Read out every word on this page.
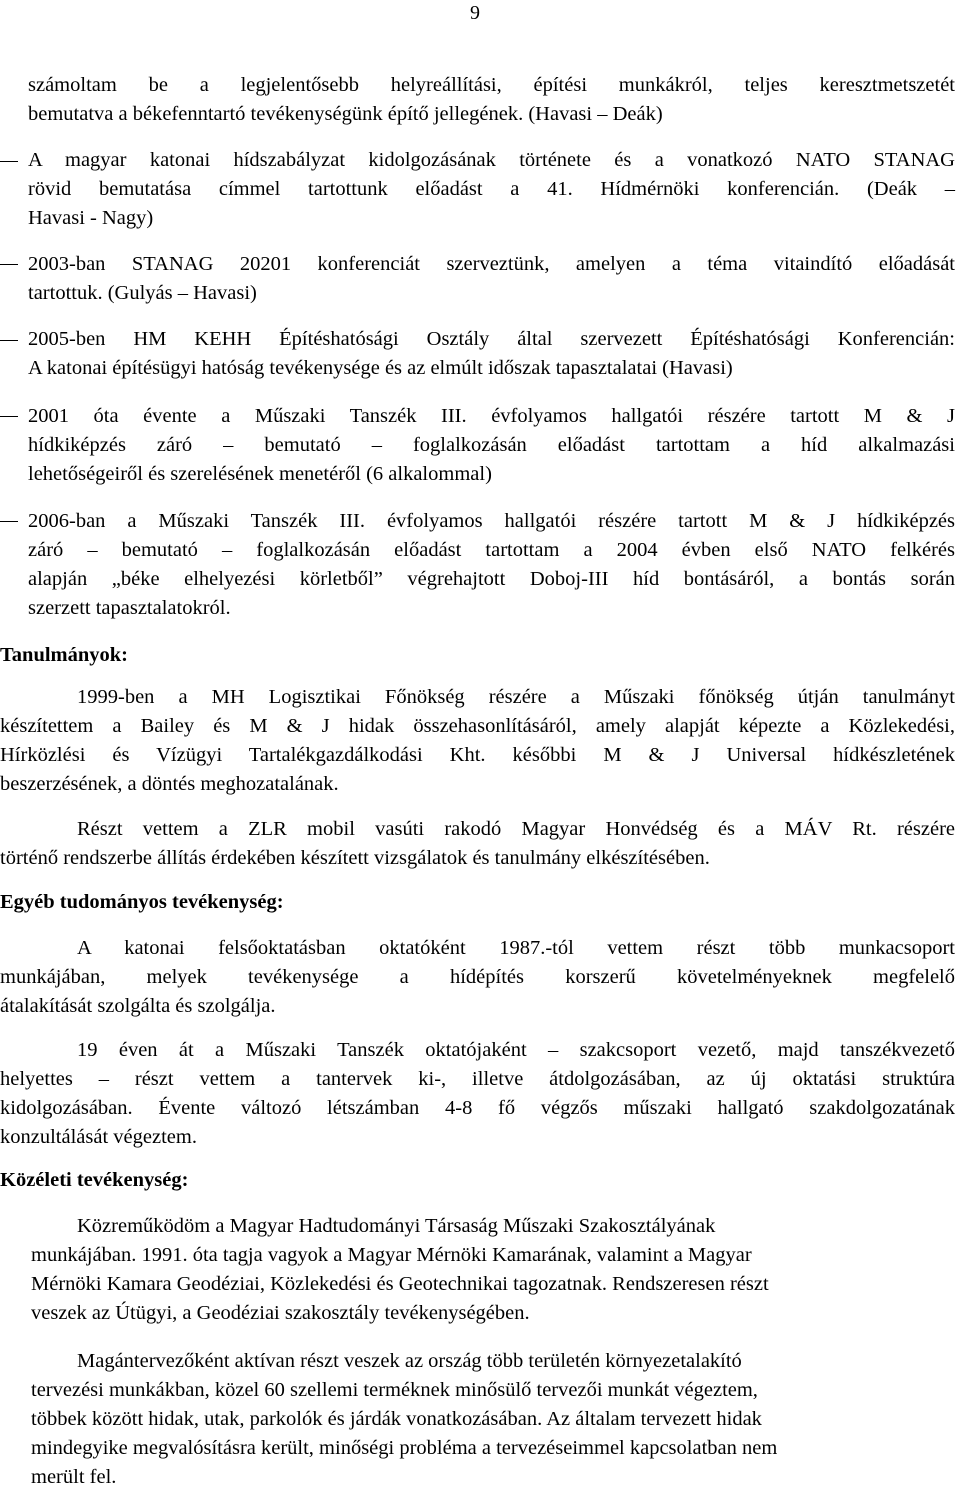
9
számoltam be a legjelentősebb helyreállítási, építési munkákról, teljes keresztmetszetét
bemutatva a békefenntartó tevékenységünk építő jellegének. (Havasi – Deák)
A magyar katonai hídszabályzat kidolgozásának története és a vonatkozó NATO STANAG
rövid bemutatása címmel tartottunk előadást a 41. Hídmérnöki konferencián. (Deák –
Havasi - Nagy)
2003-ban STANAG 20201 konferenciát szerveztünk, amelyen a téma vitaindító előadását
tartottuk. (Gulyás – Havasi)
2005-ben HM KEHH Építéshatósági Osztály által szervezett Építéshatósági Konferencián:
A katonai építésügyi hatóság tevékenysége és az elmúlt időszak tapasztalatai (Havasi)
2001 óta évente a Műszaki Tanszék III. évfolyamos hallgatói részére tartott M & J
hídkiképzés záró – bemutató – foglalkozásán előadást tartottam a híd alkalmazási
lehetőségeiről és szerelésének menetéről (6 alkalommal)
2006-ban a Műszaki Tanszék III. évfolyamos hallgatói részére tartott M & J hídkiképzés
záró – bemutató – foglalkozásán előadást tartottam a 2004 évben első NATO felkérés
alapján „béke elhelyezési körletből” végrehajtott Doboj-III híd bontásáról, a bontás során
szerzett tapasztalatokról.
Tanulmányok:
1999-ben a MH Logisztikai Főnökség részére a Műszaki főnökség útján tanulmányt
készítettem a Bailey és M & J hidak összehasonlításáról, amely alapját képezte a Közlekedési,
Hírközlési és Vízügyi Tartalékgazdálkodási Kht. későbbi M & J Universal hídkészletének
beszerzésének, a döntés meghozatalának.
Részt vettem a ZLR mobil vasúti rakodó Magyar Honvédség és a MÁV Rt. részére
történő rendszerbe állítás érdekében készített vizsgálatok és tanulmány elkészítésében.
Egyéb tudományos tevékenység:
A katonai felsőoktatásban oktatóként 1987.-tól vettem részt több munkacsoport
munkájában, melyek tevékenysége a hídépítés korszerű követelményeknek megfelelő
átalakítását szolgálta és szolgálja.
19 éven át a Műszaki Tanszék oktatójaként – szakcsoport vezető, majd tanszékvezető
helyettes – részt vettem a tantervek ki-, illetve átdolgozásában, az új oktatási struktúra
kidolgozásában. Évente változó létszámban 4-8 fő végzős műszaki hallgató szakdolgozatának
konzultálását végeztem.
Közéleti tevékenység:
Közreműködöm a Magyar Hadtudományi Társaság Műszaki Szakosztályának
munkájában. 1991. óta tagja vagyok a Magyar Mérnöki Kamarának, valamint a Magyar
Mérnöki Kamara Geodéziai, Közlekedési és Geotechnikai tagozatnak. Rendszeresen részt
veszek az Útügyi, a Geodéziai szakosztály tevékenységében.
Magántervezőként aktívan részt veszek az ország több területén környezetalakító
tervezési munkákban, közel 60 szellemi terméknek minősülő tervezői munkát végeztem,
többek között hidak, utak, parkolók és járdák vonatkozásában. Az általam tervezett hidak
mindegyike megvalósításra került, minőségi probléma a tervezéseimmel kapcsolatban nem
merült fel.
